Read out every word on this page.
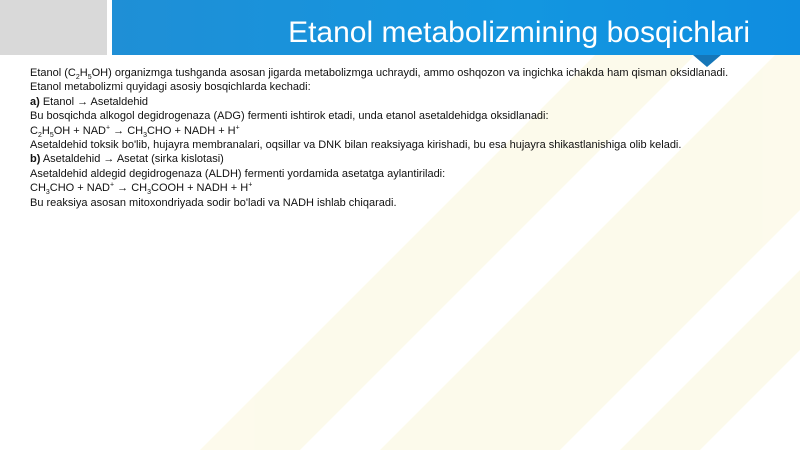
Etanol metabolizmining bosqichlari

Etanol $(C_2H_5OH)$ organizmga tushganda asosan jigarda metabolizmga uchraydi, ammo oshqozon va ingichka ichakda ham qisman oksidlanadi.

Etanol metabolizmi quyidagi asosiy bosqichlarda kechadi:

a) Etanol → Asetaldehid

Bu bosqichda alkogol degidrogenaza (ADG) fermenti ishtirok etadi, unda etanol asetaldehidga oksidlanadi:

$C_2H_5OH + NAD^+ \to CH_3CHO$ + NADH + H+

Asetaldehid toksik bo'lib, hujayra membranalari, oqsillar va DNK bilan reaksiyaga kirishadi, bu esa hujayra shikastlanishiga olib keladi.

b) Asetaldehid → Asetat (sirka kislotasi)

Asetaldehid aldegid degidrogenaza (ALDH) fermenti yordamida asetatga aylantiriladi:

$CH_3CHO + NAD^+$ → $CH_3COOH$ + NADH + H+

Bu reaksiya asosan mitoxondriyada sodir bo'ladi va NADH ishlab chiqaradi.
